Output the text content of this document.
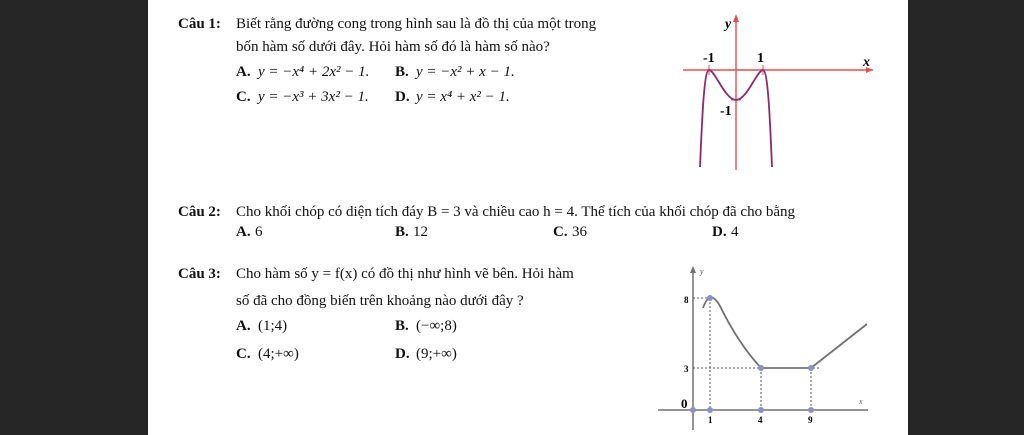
Câu 1: Biết rằng đường cong trong hình sau là đồ thị của một trong
bốn hàm số dưới đây. Hỏi hàm số đó là hàm số nào?
A. y = −x⁴ + 2x² − 1. B. y = −x² + x − 1.
C. y = −x³ + 3x² − 1. D. y = x⁴ + x² − 1.
y
x
-1	1
-1
Câu 2: Cho khối chóp có diện tích đáy B = 3 và chiều cao h = 4. Thể tích của khối chóp đã cho bằng
A. 6	B. 12	C. 36	D. 4
Câu 3: Cho hàm số y = f(x) có đồ thị như hình vẽ bên. Hỏi hàm
số đã cho đồng biến trên khoảng nào dưới đây ?
A. (1;4)	B. (−∞;8)
C. (4;+∞)	D. (9;+∞)
y
x
0
8
3
1	4	9
